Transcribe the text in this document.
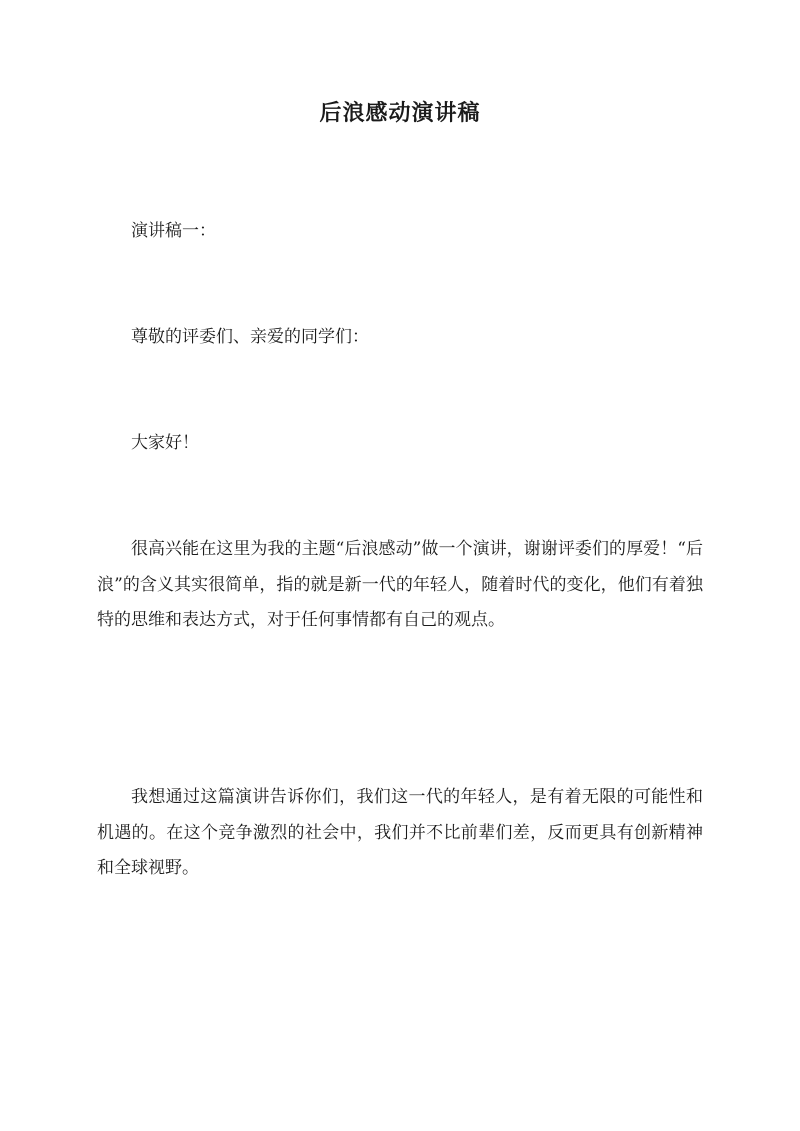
后浪感动演讲稿

演讲稿一：

尊敬的评委们、亲爱的同学们：

大家好！

很高兴能在这里为我的主题“后浪感动”做一个演讲，谢谢评委们的厚爱！“后浪”的含义其实很简单，指的就是新一代的年轻人，随着时代的变化，他们有着独特的思维和表达方式，对于任何事情都有自己的观点。

我想通过这篇演讲告诉你们，我们这一代的年轻人，是有着无限的可能性和机遇的。在这个竞争激烈的社会中，我们并不比前辈们差，反而更具有创新精神和全球视野。
